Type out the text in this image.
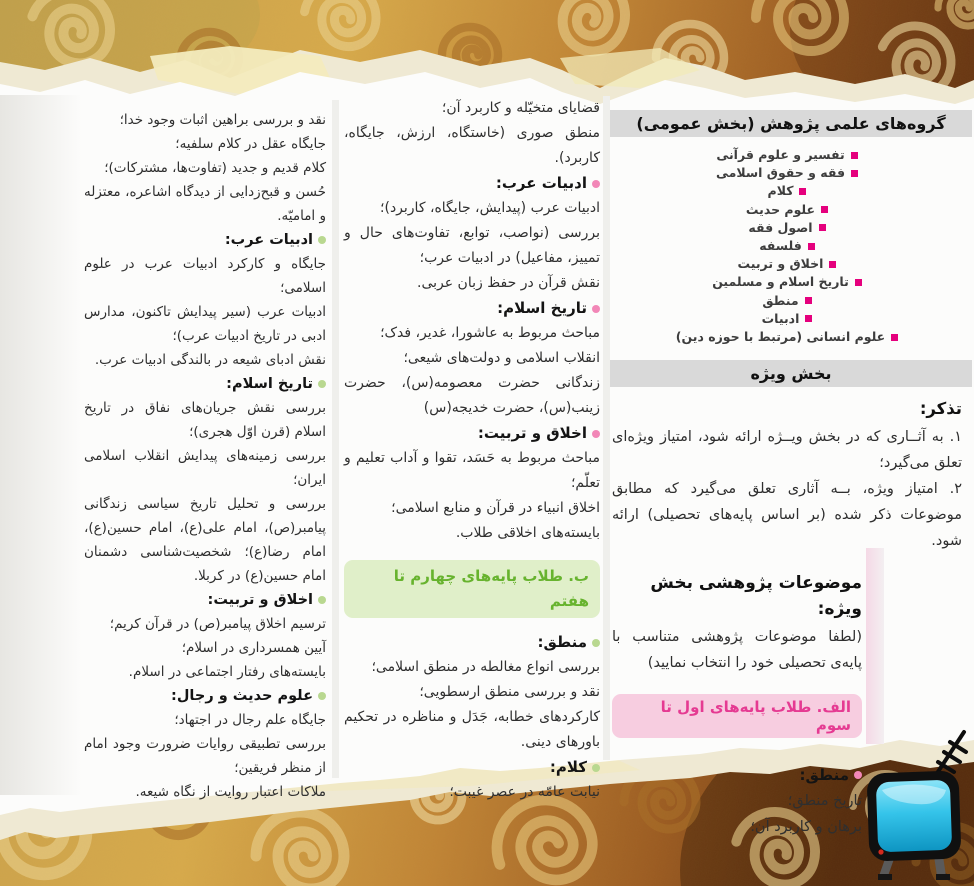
گروه‌های علمی پژوهش (بخش عمومی)
تفسیر و علوم قرآنی
فقه و حقوق اسلامی
کلام
علوم حدیث
اصول فقه
فلسفه
اخلاق و تربیت
تاریخ اسلام و مسلمین
منطق
ادبیات
علوم انسانی (مرتبط با حوزه دین)
بخش ویژه
تذکر:
۱. به آثــاری که در بخش ویــژه ارائه شود، امتیاز ویژه‌ای تعلق می‌گیرد؛
۲. امتیاز ویژه، بــه آثاری تعلق می‌گیرد که مطابق موضوعات ذکر شده (بر اساس پایه‌های تحصیلی) ارائه شود.
موضوعات پژوهشی بخش ویژه:
(لطفا موضوعات پژوهشی متناسب با پایه‌ی تحصیلی خود را انتخاب نمایید)
الف. طلاب پایه‌های اول تا سوم
منطق:
تاریخ منطق؛
برهان و کاربرد آن؛
قضایای متخیّله و کاربرد آن؛
منطق صوری (خاستگاه، ارزش، جایگاه، کاربرد).
ادبیات عرب:
ادبیات عرب (پیدایش، جایگاه، کاربرد)؛
بررسی (نواصب، توابع، تفاوت‌های حال و تمییز، مفاعیل) در ادبیات عرب؛
نقش قرآن در حفظ زبان عربی.
تاریخ اسلام:
مباحث مربوط به عاشورا، غدیر، فدک؛
انقلاب اسلامی و دولت‌های شیعی؛
زندگانی حضرت معصومه(س)، حضرت زینب(س)، حضرت خدیجه(س)
اخلاق و تربیت:
مباحث مربوط به حَسَد، تقوا و آداب تعلیم و تعلّم؛
اخلاق انبیاء در قرآن و منابع اسلامی؛
بایسته‌های اخلاقی طلاب.
ب. طلاب پایه‌های چهارم تا هفتم
منطق:
بررسی انواع مغالطه در منطق اسلامی؛
نقد و بررسی منطق ارسطویی؛
کارکردهای خطابه، جَدَل و مناظره در تحکیم باورهای دینی.
کلام:
نیابت عامّه در عصر غیبت؛
نقد و بررسی براهین اثبات وجود خدا؛
جایگاه عقل در کلام سلفیه؛
کلام قدیم و جدید (تفاوت‌ها، مشترکات)؛
حُسن و قبح‌زدایی از دیدگاه اشاعره، معتزله و امامیّه.
ادبیات عرب:
جایگاه و کارکرد ادبیات عرب در علوم اسلامی؛
ادبیات عرب (سیر پیدایش تاکنون، مدارس ادبی در تاریخ ادبیات عرب)؛
نقش ادبای شیعه در بالندگی ادبیات عرب.
تاریخ اسلام:
بررسی نقش جریان‌های نفاق در تاریخ اسلام (قرن اوّل هجری)؛
بررسی زمینه‌های پیدایش انقلاب اسلامی ایران؛
بررسی و تحلیل تاریخ سیاسی زندگانی پیامبر(ص)، امام علی(ع)، امام حسین(ع)، امام رضا(ع)؛ شخصیت‌شناسی دشمنان امام حسین(ع) در کربلا.
اخلاق و تربیت:
ترسیم اخلاق پیامبر(ص) در قرآن کریم؛
آیین همسرداری در اسلام؛
بایسته‌های رفتار اجتماعی در اسلام.
علوم حدیث و رجال:
جایگاه علم رجال در اجتهاد؛
بررسی تطبیقی روایات ضرورت وجود امام از منظر فریقین؛
ملاکات اعتبار روایت از نگاه شیعه.
